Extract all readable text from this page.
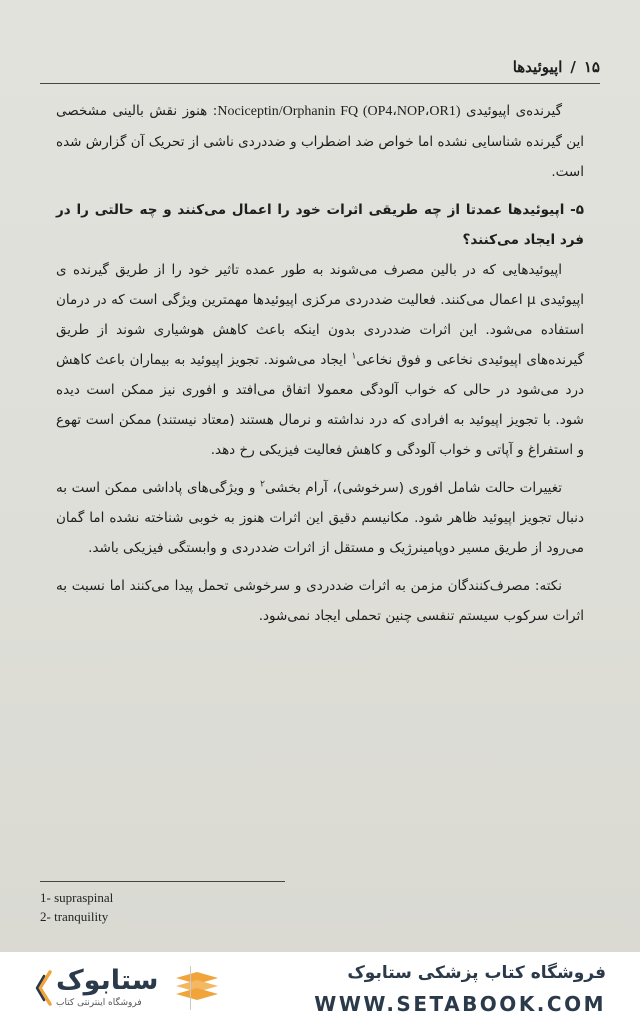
۱۵
/
اپیوئیدها

گیرنده‌ی اپیوئیدی Nociceptin/Orphanin FQ (OP4،NOP،OR1): هنوز نقش بالینی مشخصی این گیرنده شناسایی نشده اما خواص ضد اضطراب و ضددردی ناشی از تحریک آن گزارش شده است.

۵- اپیوئیدها عمدتا از چه طریقی اثرات خود را اعمال می‌کنند و چه حالتی را در فرد ایجاد می‌کنند؟

اپیوئیدهایی که در بالین مصرف می‌شوند به طور عمده تاثیر خود را از طریق گیرنده ی اپیوئیدی μ اعمال می‌کنند. فعالیت ضددردی مرکزی اپیوئیدها مهمترین ویژگی است که در درمان استفاده می‌شود. این اثرات ضددردی بدون اینکه باعث کاهش هوشیاری شوند از طریق گیرنده‌های اپیوئیدی نخاعی و فوق نخاعی$^۱$ ایجاد می‌شوند. تجویز اپیوئید به بیماران باعث کاهش درد می‌شود در حالی که خواب آلودگی معمولا اتفاق می‌افتد و افوری نیز ممکن است دیده شود. با تجویز اپیوئید به افرادی که درد نداشته و نرمال هستند (معتاد نیستند) ممکن است تهوع و استفراغ و آپاتی و خواب آلودگی و کاهش فعالیت فیزیکی رخ دهد.

تغییرات حالت شامل افوری (سرخوشی)، آرام بخشی$^۲$ و ویژگی‌های پاداشی ممکن است به دنبال تجویز اپیوئید ظاهر شود. مکانیسم دقیق این اثرات هنوز به خوبی شناخته نشده اما گمان می‌رود از طریق مسیر دوپامینرژیک و مستقل از اثرات ضددردی و وابستگی فیزیکی باشد.

نکته: مصرف‌کنندگان مزمن به اثرات ضددردی و سرخوشی تحمل پیدا می‌کنند اما نسبت به اثرات سرکوب سیستم تنفسی چنین تحملی ایجاد نمی‌شود.

1- supraspinal
2- tranquility
ستابوک
فروشگاه اینترنتی کتاب
فروشگاه کتاب پزشکی ستابوک
WWW.SETABOOK.COM
